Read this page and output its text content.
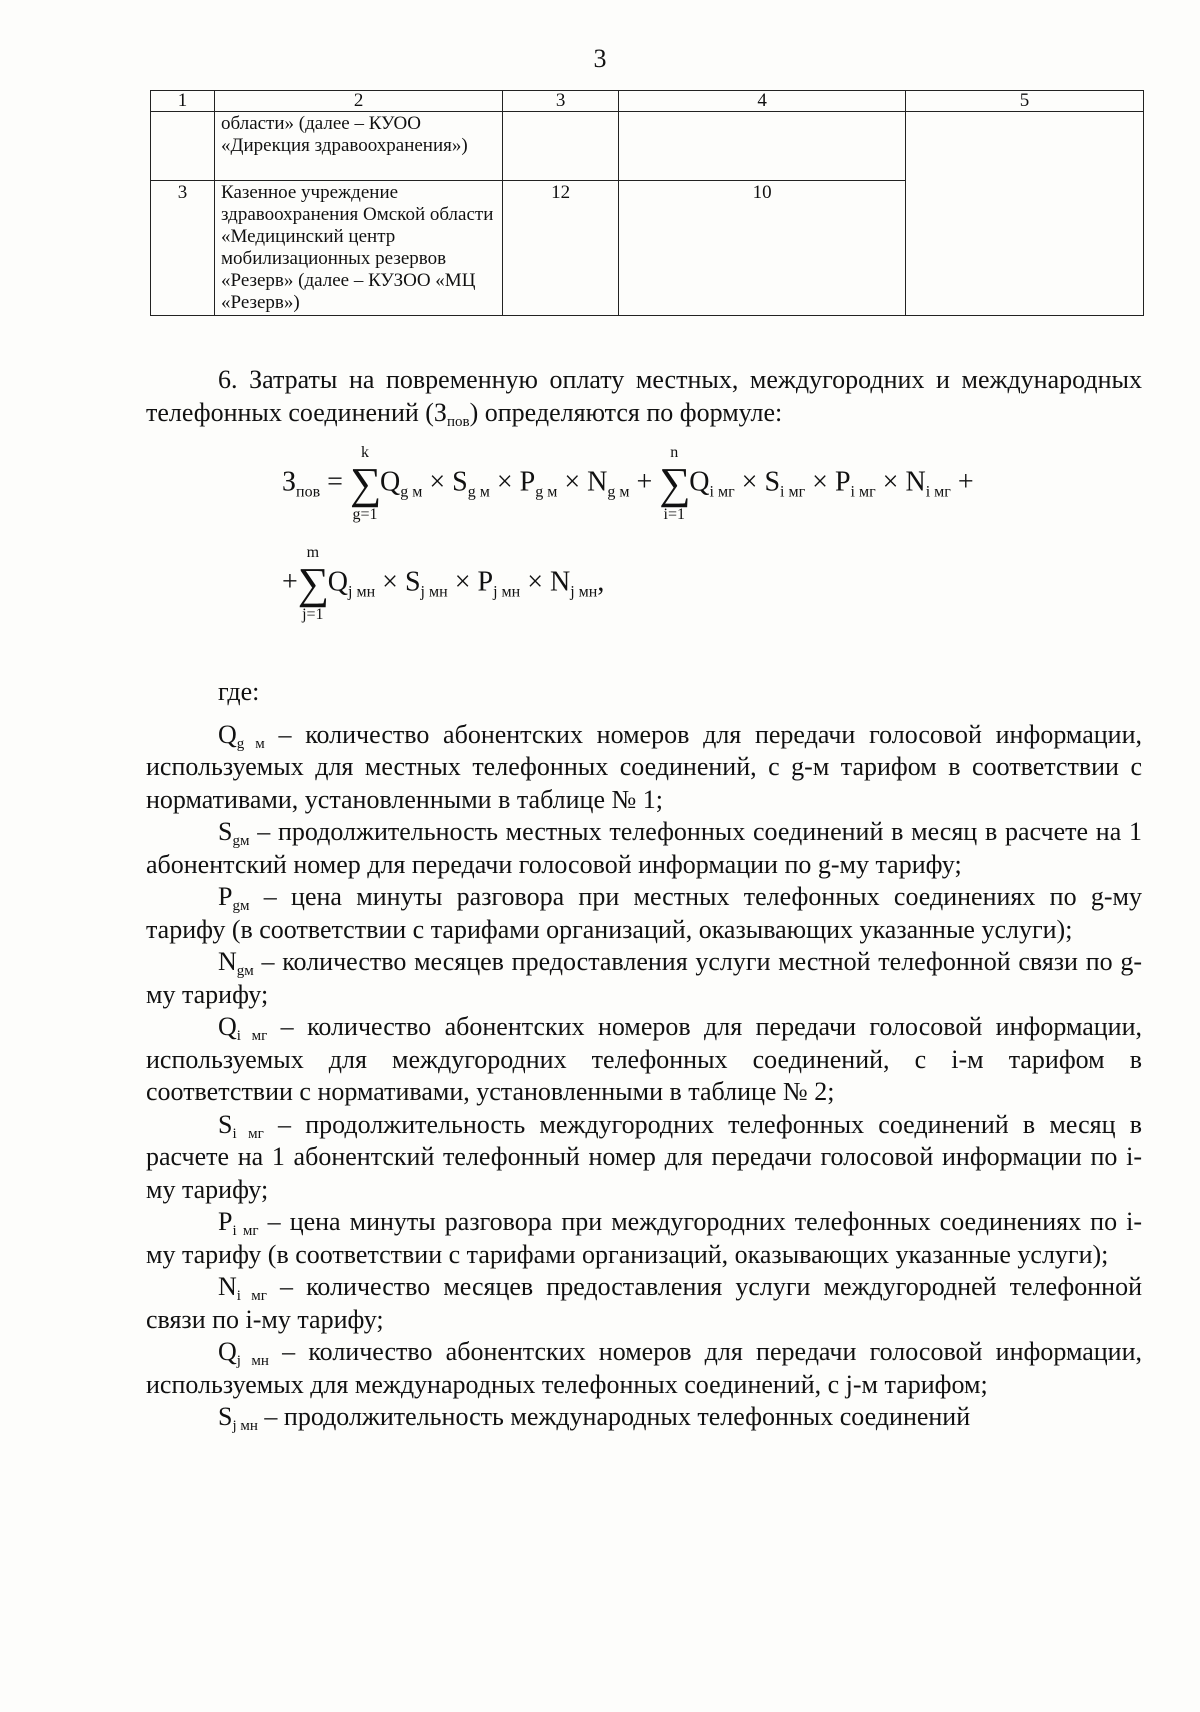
3
1	2	3	4	5
	области» (далее – КУОО «Дирекция здравоохранения»)			
3	Казенное учреждение здравоохранения Омской области «Медицинский центр мобилизационных резервов «Резерв» (далее – КУЗОО «МЦ «Резерв»)	12	10	

6. Затраты на повременную оплату местных, междугородних и международных телефонных соединений $(З_{пов})$ определяются по формуле:

$З_{пов}$ =
k
∑
g=1
$Q_{g м} \times S_{g м} \times P_{g м} \times N_{g м}$ +
n
∑
i=1
$Q_{i мг} \times S_{i мг} \times P_{i мг} \times N_{i мг}$ +
+
m
∑
j=1
$Q_{j мн} \times S_{j мн} \times P_{j мн} \times N_{j мн}$,

где:

$Q_{g м}$ – количество абонентских номеров для передачи голосовой информации, используемых для местных телефонных соединений, с g-м тарифом в соответствии с нормативами, установленными в таблице № 1;

$S_{gм}$ – продолжительность местных телефонных соединений в месяц в расчете на 1 абонентский номер для передачи голосовой информации по g-му тарифу;

$P_{gм}$ – цена минуты разговора при местных телефонных соединениях по g-му тарифу (в соответствии с тарифами организаций, оказывающих указанные услуги);

$N_{gм}$ – количество месяцев предоставления услуги местной телефонной связи по g-му тарифу;

$Q_{i мг}$ – количество абонентских номеров для передачи голосовой информации, используемых для междугородних телефонных соединений, с i-м тарифом в соответствии с нормативами, установленными в таблице № 2;

$S_{i мг}$ – продолжительность междугородних телефонных соединений в месяц в расчете на 1 абонентский телефонный номер для передачи голосовой информации по i-му тарифу;

$P_{i мг}$ – цена минуты разговора при междугородних телефонных соединениях по i-му тарифу (в соответствии с тарифами организаций, оказывающих указанные услуги);

$N_{i мг}$ – количество месяцев предоставления услуги междугородней телефонной связи по i-му тарифу;

$Q_{j мн}$ – количество абонентских номеров для передачи голосовой информации, используемых для международных телефонных соединений, с j-м тарифом;

$S_{j мн}$ – продолжительность международных телефонных соединений
